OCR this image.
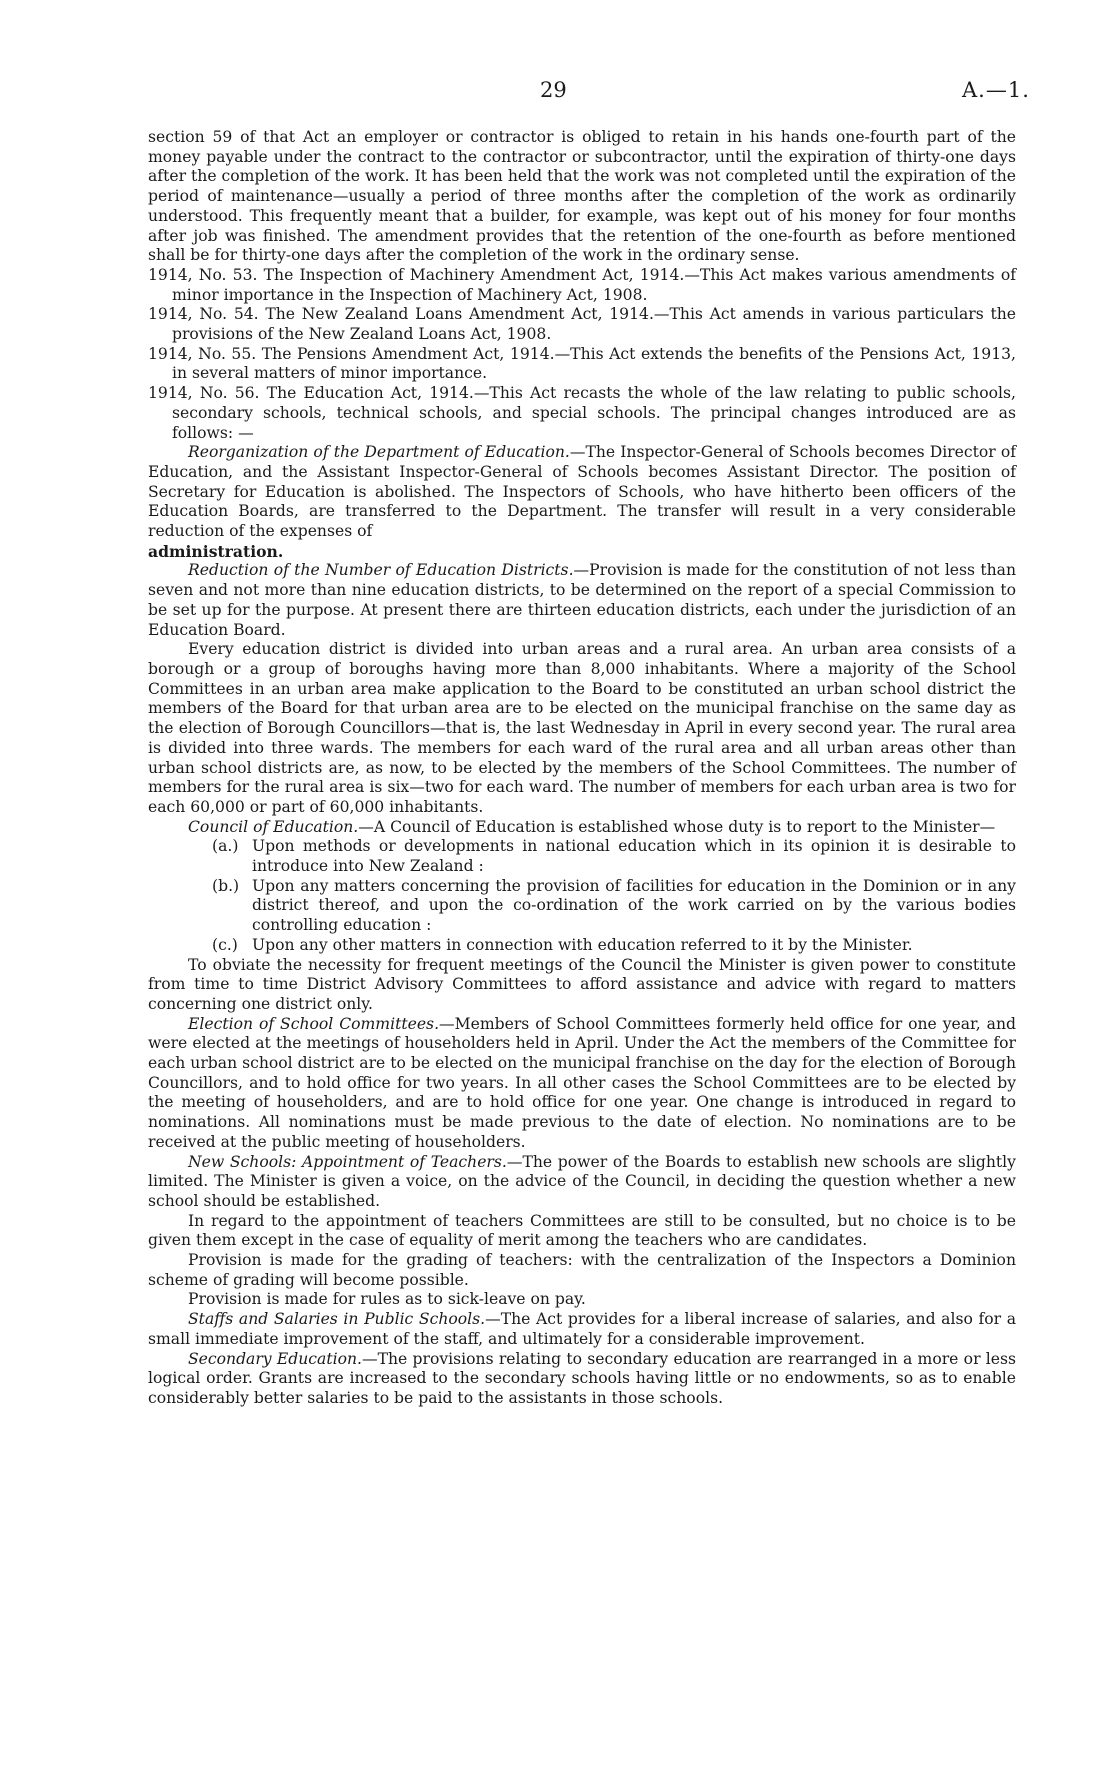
29	A.—1.

section 59 of that Act an employer or contractor is obliged to retain in his hands one-fourth part of the money payable under the contract to the contractor or subcontractor, until the expiration of thirty-one days after the completion of the work. It has been held that the work was not completed until the expiration of the period of maintenance—usually a period of three months after the completion of the work as ordinarily understood. This frequently meant that a builder, for example, was kept out of his money for four months after job was finished. The amendment provides that the retention of the one-fourth as before mentioned shall be for thirty-one days after the completion of the work in the ordinary sense.

1914, No. 53. The Inspection of Machinery Amendment Act, 1914.—This Act makes various amendments of minor importance in the Inspection of Machinery Act, 1908.

1914, No. 54. The New Zealand Loans Amendment Act, 1914.—This Act amends in various particulars the provisions of the New Zealand Loans Act, 1908.

1914, No. 55. The Pensions Amendment Act, 1914.—This Act extends the benefits of the Pensions Act, 1913, in several matters of minor importance.

1914, No. 56. The Education Act, 1914.—This Act recasts the whole of the law relating to public schools, secondary schools, technical schools, and special schools. The principal changes introduced are as follows: —

Reorganization of the Department of Education.—The Inspector-General of Schools becomes Director of Education, and the Assistant Inspector-General of Schools becomes Assistant Director. The position of Secretary for Education is abolished. The Inspectors of Schools, who have hitherto been officers of the Education Boards, are transferred to the Department. The transfer will result in a very considerable reduction of the expenses of

administration.

Reduction of the Number of Education Districts.—Provision is made for the constitution of not less than seven and not more than nine education districts, to be determined on the report of a special Commission to be set up for the purpose. At present there are thirteen education districts, each under the jurisdiction of an Education Board.

Every education district is divided into urban areas and a rural area. An urban area consists of a borough or a group of boroughs having more than 8,000 inhabitants. Where a majority of the School Committees in an urban area make application to the Board to be constituted an urban school district the members of the Board for that urban area are to be elected on the municipal franchise on the same day as the election of Borough Councillors—that is, the last Wednesday in April in every second year. The rural area is divided into three wards. The members for each ward of the rural area and all urban areas other than urban school districts are, as now, to be elected by the members of the School Committees. The number of members for the rural area is six—two for each ward. The number of members for each urban area is two for each 60,000 or part of 60,000 inhabitants.

Council of Education.—A Council of Education is established whose duty is to report to the Minister—

(a.) Upon methods or developments in national education which in its opinion it is desirable to introduce into New Zealand :

(b.) Upon any matters concerning the provision of facilities for education in the Dominion or in any district thereof, and upon the co-ordination of the work carried on by the various bodies controlling education :

(c.) Upon any other matters in connection with education referred to it by the Minister.

To obviate the necessity for frequent meetings of the Council the Minister is given power to constitute from time to time District Advisory Committees to afford assistance and advice with regard to matters concerning one district only.

Election of School Committees.—Members of School Committees formerly held office for one year, and were elected at the meetings of householders held in April. Under the Act the members of the Committee for each urban school district are to be elected on the municipal franchise on the day for the election of Borough Councillors, and to hold office for two years. In all other cases the School Committees are to be elected by the meeting of householders, and are to hold office for one year. One change is introduced in regard to nominations. All nominations must be made previous to the date of election. No nominations are to be received at the public meeting of householders.

New Schools: Appointment of Teachers.—The power of the Boards to establish new schools are slightly limited. The Minister is given a voice, on the advice of the Council, in deciding the question whether a new school should be established.

In regard to the appointment of teachers Committees are still to be consulted, but no choice is to be given them except in the case of equality of merit among the teachers who are candidates.

Provision is made for the grading of teachers: with the centralization of the Inspectors a Dominion scheme of grading will become possible.

Provision is made for rules as to sick-leave on pay.

Staffs and Salaries in Public Schools.—The Act provides for a liberal increase of salaries, and also for a small immediate improvement of the staff, and ultimately for a considerable improvement.

Secondary Education.—The provisions relating to secondary education are rearranged in a more or less logical order. Grants are increased to the secondary schools having little or no endowments, so as to enable considerably better salaries to be paid to the assistants in those schools.
